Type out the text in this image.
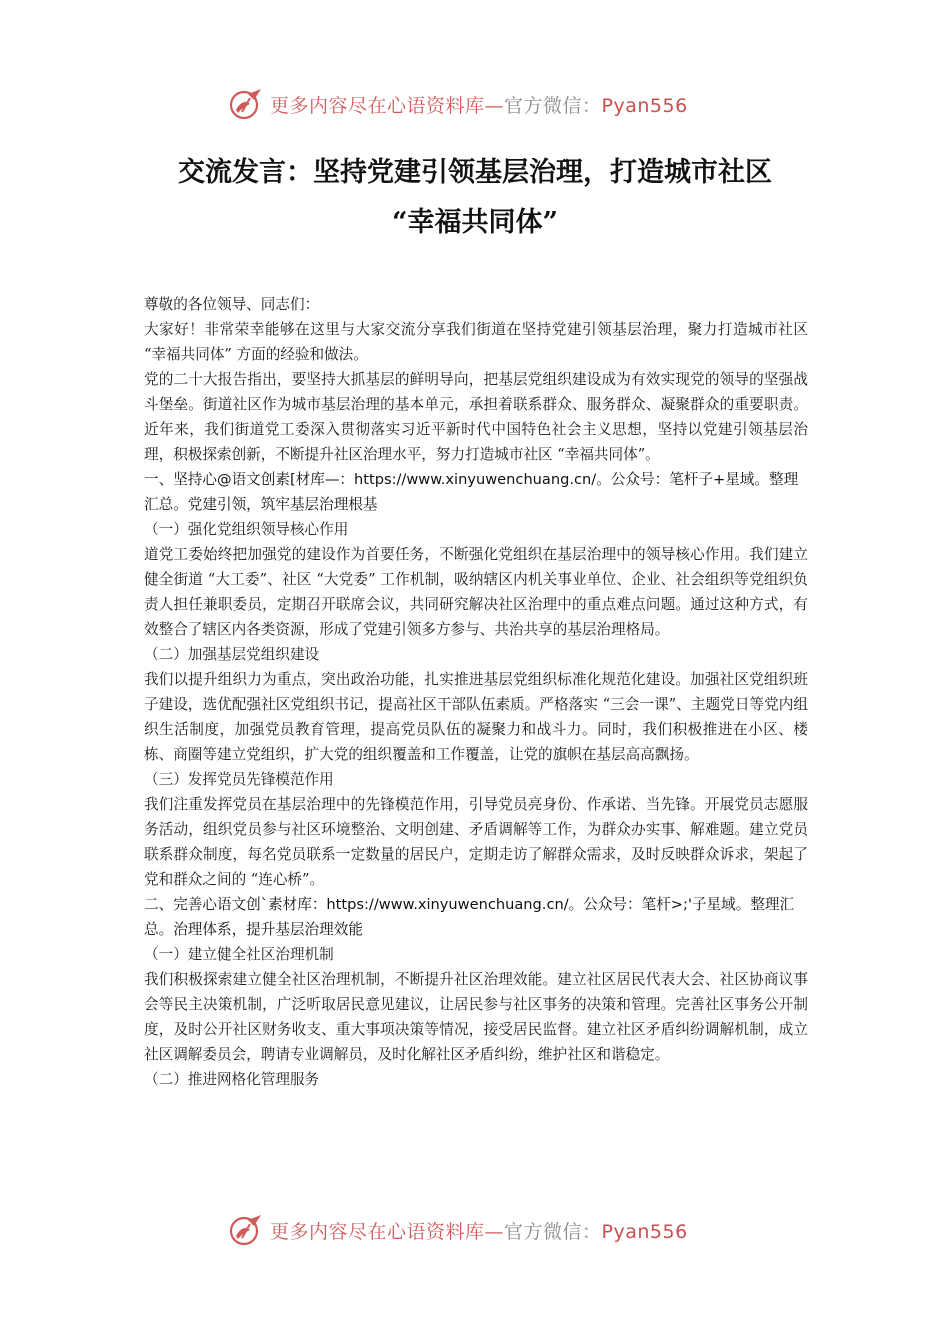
更多内容尽在心语资料库—官方微信：Pyan556
交流发言：坚持党建引领基层治理，打造城市社区
“幸福共同体”

尊敬的各位领导、同志们：

大家好！非常荣幸能够在这里与大家交流分享我们街道在坚持党建引领基层治理，聚力打造城市社区 “幸福共同体” 方面的经验和做法。

党的二十大报告指出，要坚持大抓基层的鲜明导向，把基层党组织建设成为有效实现党的领导的坚强战斗堡垒。街道社区作为城市基层治理的基本单元，承担着联系群众、服务群众、凝聚群众的重要职责。近年来，我们街道党工委深入贯彻落实习近平新时代中国特色社会主义思想，坚持以党建引领基层治理，积极探索创新，不断提升社区治理水平，努力打造城市社区 “幸福共同体”。

一、坚持心@语文创素[材库—：https://www.xinyuwenchuang.cn/。公众号：笔杆子+星域。整理汇总。党建引领，筑牢基层治理根基

（一）强化党组织领导核心作用

道党工委始终把加强党的建设作为首要任务，不断强化党组织在基层治理中的领导核心作用。我们建立健全街道 “大工委”、社区 “大党委” 工作机制，吸纳辖区内机关事业单位、企业、社会组织等党组织负责人担任兼职委员，定期召开联席会议，共同研究解决社区治理中的重点难点问题。通过这种方式，有效整合了辖区内各类资源，形成了党建引领多方参与、共治共享的基层治理格局。

（二）加强基层党组织建设

我们以提升组织力为重点，突出政治功能，扎实推进基层党组织标准化规范化建设。加强社区党组织班子建设，选优配强社区党组织书记，提高社区干部队伍素质。严格落实 “三会一课”、主题党日等党内组织生活制度，加强党员教育管理，提高党员队伍的凝聚力和战斗力。同时，我们积极推进在小区、楼栋、商圈等建立党组织，扩大党的组织覆盖和工作覆盖，让党的旗帜在基层高高飘扬。

（三）发挥党员先锋模范作用

我们注重发挥党员在基层治理中的先锋模范作用，引导党员亮身份、作承诺、当先锋。开展党员志愿服务活动，组织党员参与社区环境整治、文明创建、矛盾调解等工作，为群众办实事、解难题。建立党员联系群众制度，每名党员联系一定数量的居民户，定期走访了解群众需求，及时反映群众诉求，架起了党和群众之间的 “连心桥”。

二、完善心语文创`素材库：https://www.xinyuwenchuang.cn/。公众号：笔杆>;'子星域。整理汇总。治理体系，提升基层治理效能

（一）建立健全社区治理机制

我们积极探索建立健全社区治理机制，不断提升社区治理效能。建立社区居民代表大会、社区协商议事会等民主决策机制，广泛听取居民意见建议，让居民参与社区事务的决策和管理。完善社区事务公开制度，及时公开社区财务收支、重大事项决策等情况，接受居民监督。建立社区矛盾纠纷调解机制，成立社区调解委员会，聘请专业调解员，及时化解社区矛盾纠纷，维护社区和谐稳定。

（二）推进网格化管理服务

更多内容尽在心语资料库—官方微信：Pyan556
